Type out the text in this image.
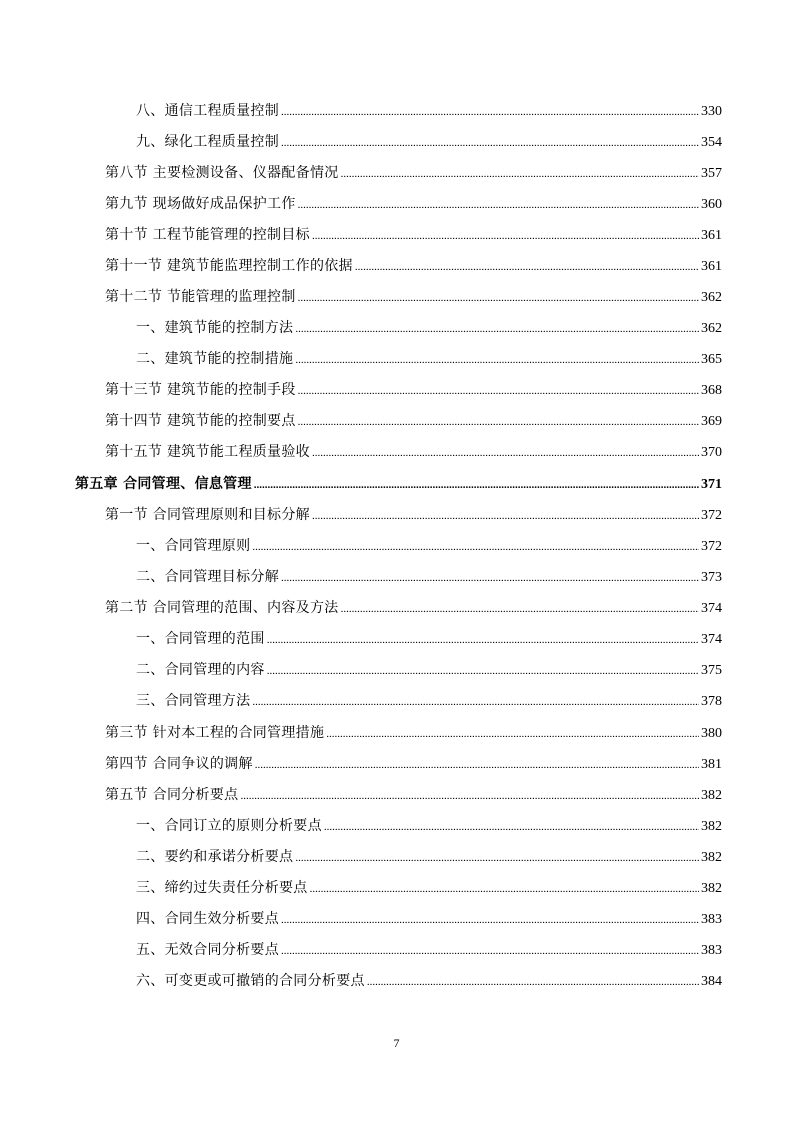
八、通信工程质量控制 .....	330
九、绿化工程质量控制 .....	354
第八节 主要检测设备、仪器配备情况 .....	357
第九节 现场做好成品保护工作 .....	360
第十节 工程节能管理的控制目标 .....	361
第十一节 建筑节能监理控制工作的依据 .....	361
第十二节 节能管理的监理控制 .....	362
一、建筑节能的控制方法 .....	362
二、建筑节能的控制措施 .....	365
第十三节 建筑节能的控制手段 .....	368
第十四节 建筑节能的控制要点 .....	369
第十五节 建筑节能工程质量验收 .....	370
第五章 合同管理、信息管理 .....	371
第一节 合同管理原则和目标分解 .....	372
一、合同管理原则 .....	372
二、合同管理目标分解 .....	373
第二节 合同管理的范围、内容及方法 .....	374
一、合同管理的范围 .....	374
二、合同管理的内容 .....	375
三、合同管理方法 .....	378
第三节 针对本工程的合同管理措施 .....	380
第四节 合同争议的调解 .....	381
第五节 合同分析要点 .....	382
一、合同订立的原则分析要点 .....	382
二、要约和承诺分析要点 .....	382
三、缔约过失责任分析要点 .....	382
四、合同生效分析要点 .....	383
五、无效合同分析要点 .....	383
六、可变更或可撤销的合同分析要点 .....	384
7
